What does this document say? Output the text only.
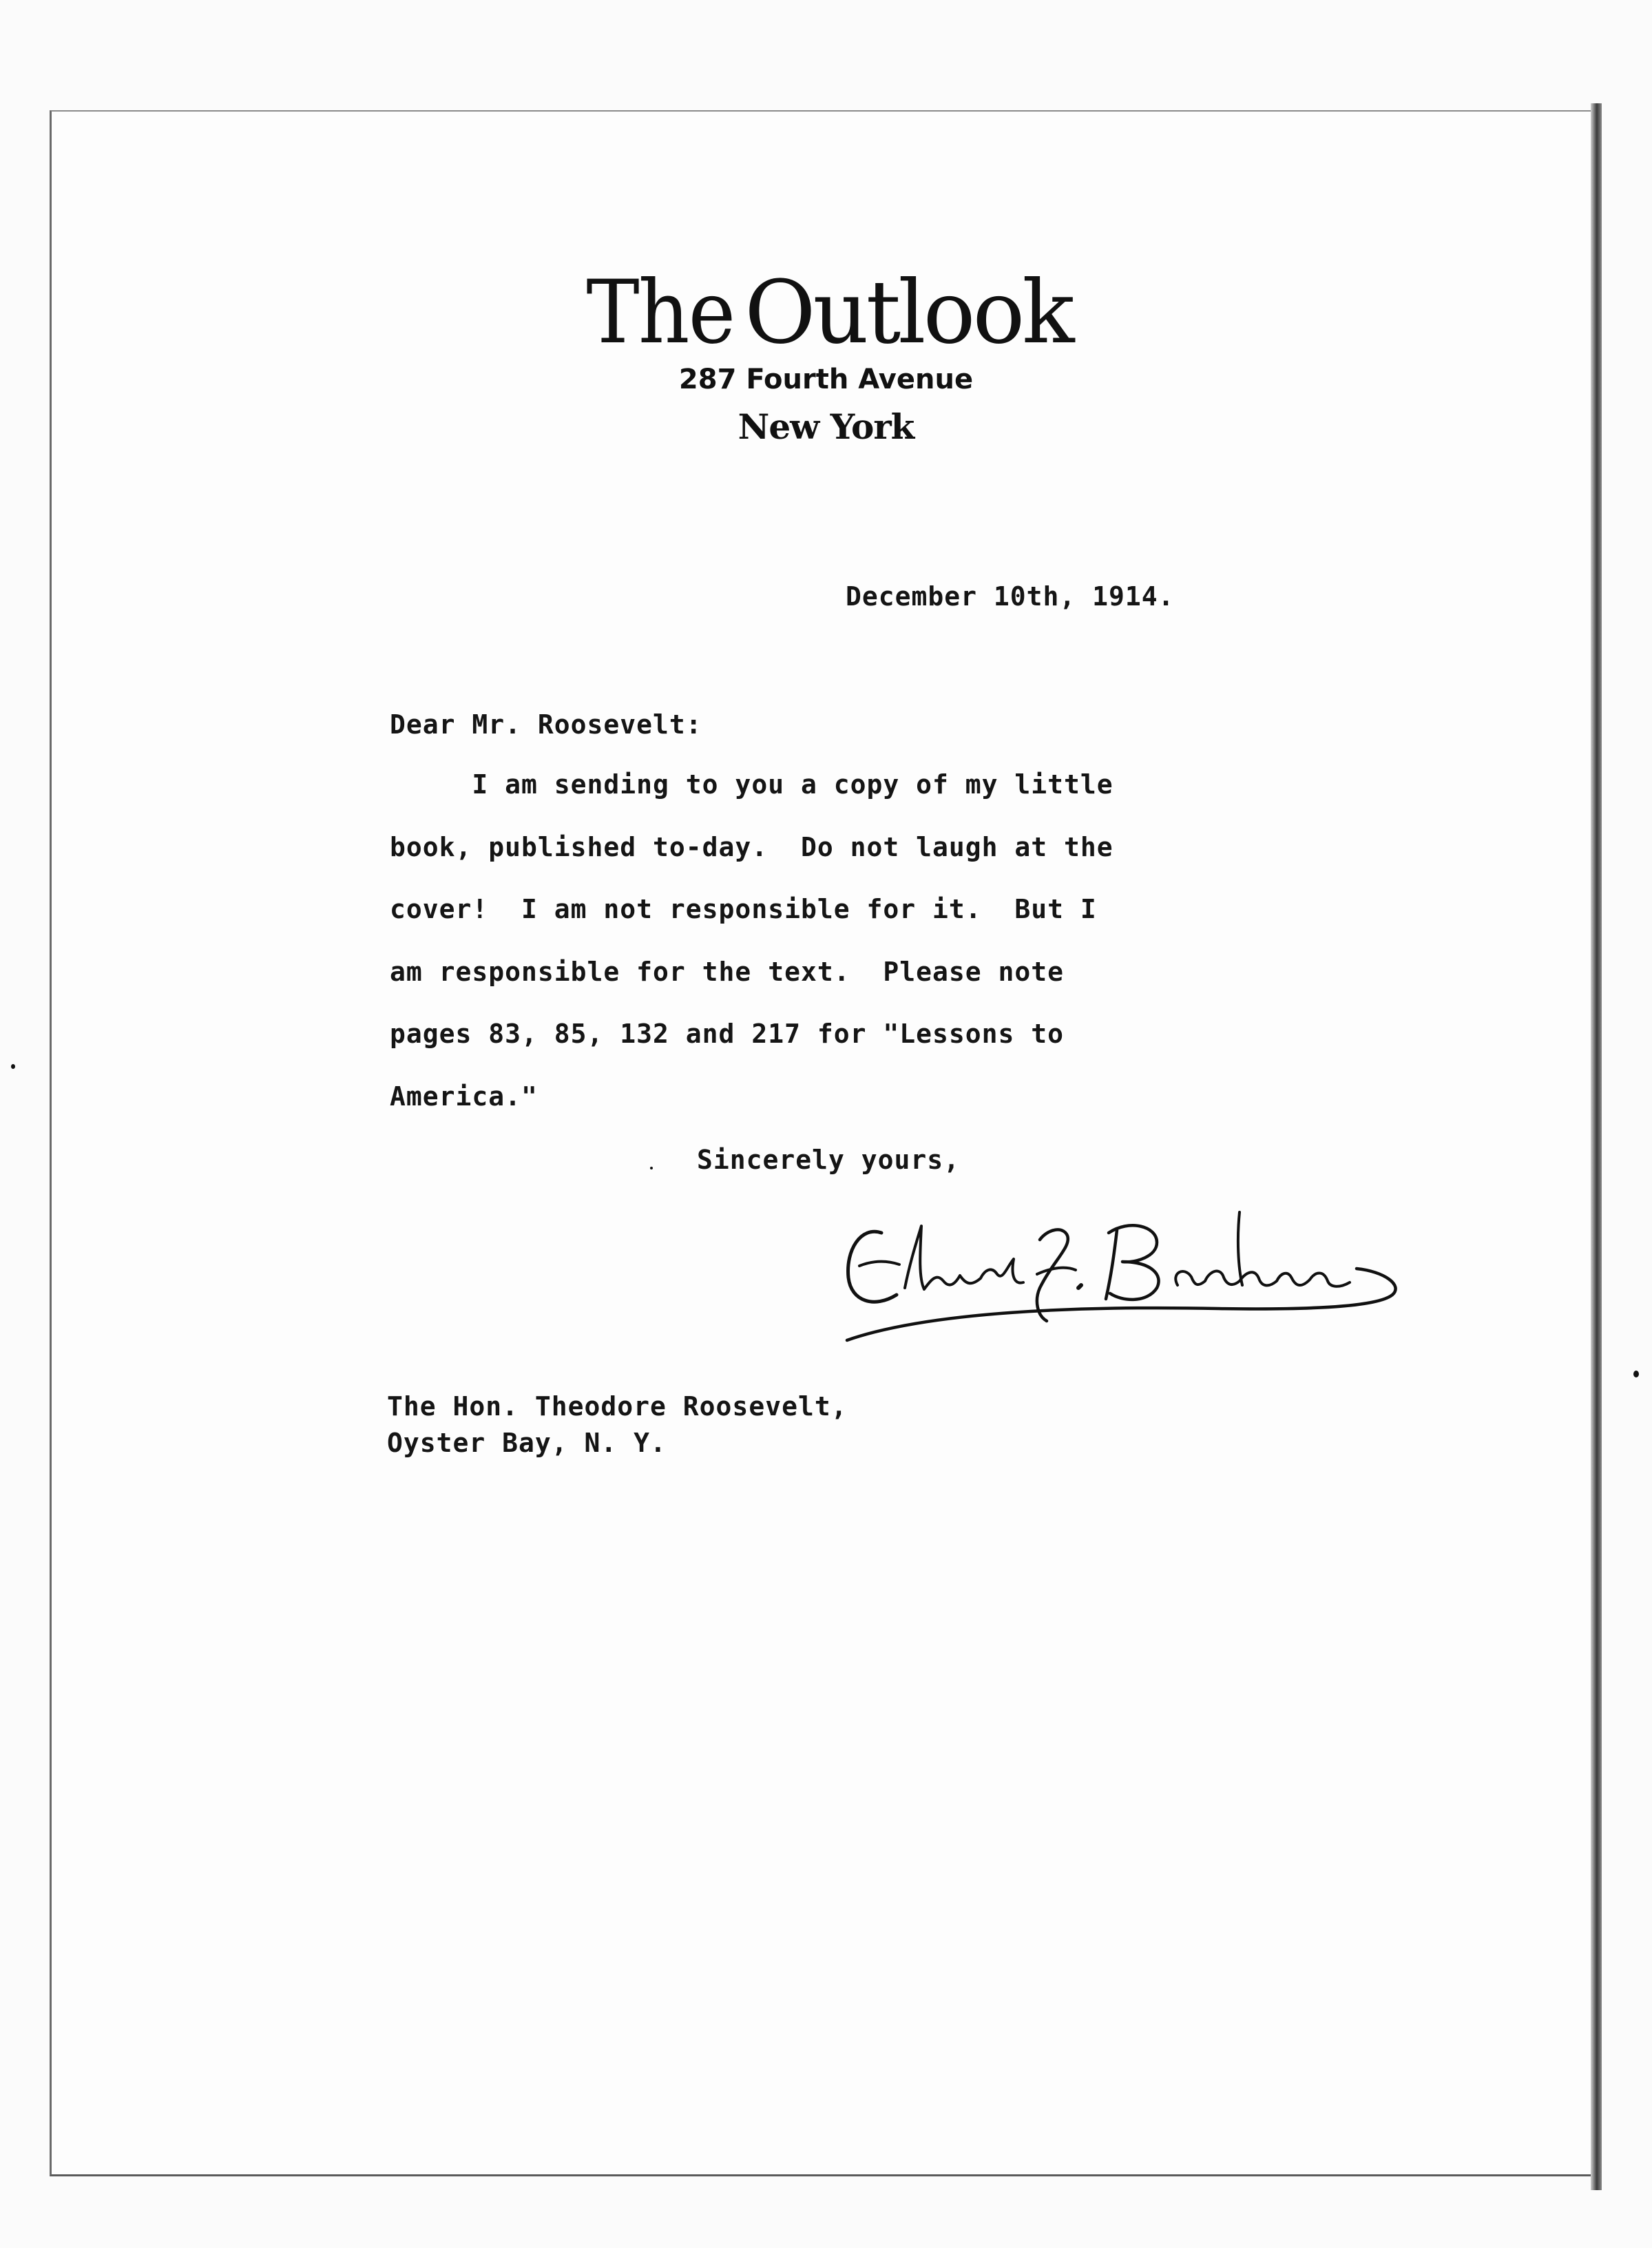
The Outlook
287 Fourth Avenue
New York
December 10th, 1914.
Dear Mr. Roosevelt:
I am sending to you a copy of my little
book, published to-day.  Do not laugh at the
cover!  I am not responsible for it.  But I
am responsible for the text.  Please note
pages 83, 85, 132 and 217 for "Lessons to
America."
Sincerely yours,
The Hon. Theodore Roosevelt,
Oyster Bay, N. Y.
